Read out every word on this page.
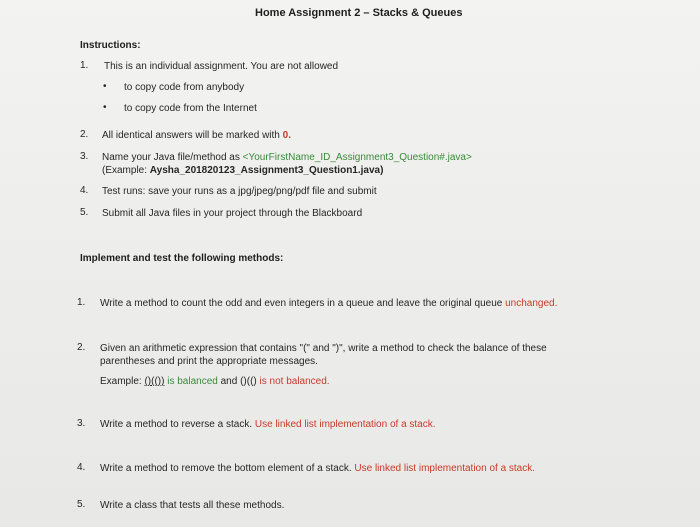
Home Assignment 2 – Stacks & Queues
Instructions:
1. This is an individual assignment. You are not allowed
• to copy code from anybody
• to copy code from the Internet
2. All identical answers will be marked with 0.
3. Name your Java file/method as <YourFirstName_ID_Assignment3_Question#.java>
(Example: Aysha_201820123_Assignment3_Question1.java)
4. Test runs: save your runs as a jpg/jpeg/png/pdf file and submit
5. Submit all Java files in your project through the Blackboard
Implement and test the following methods:
1. Write a method to count the odd and even integers in a queue and leave the original queue unchanged.
2. Given an arithmetic expression that contains "(" and ")", write a method to check the balance of these
parentheses and print the appropriate messages.
Example: ()(()) is balanced and ()(() is not balanced.
3. Write a method to reverse a stack. Use linked list implementation of a stack.
4. Write a method to remove the bottom element of a stack. Use linked list implementation of a stack.
5. Write a class that tests all these methods.
